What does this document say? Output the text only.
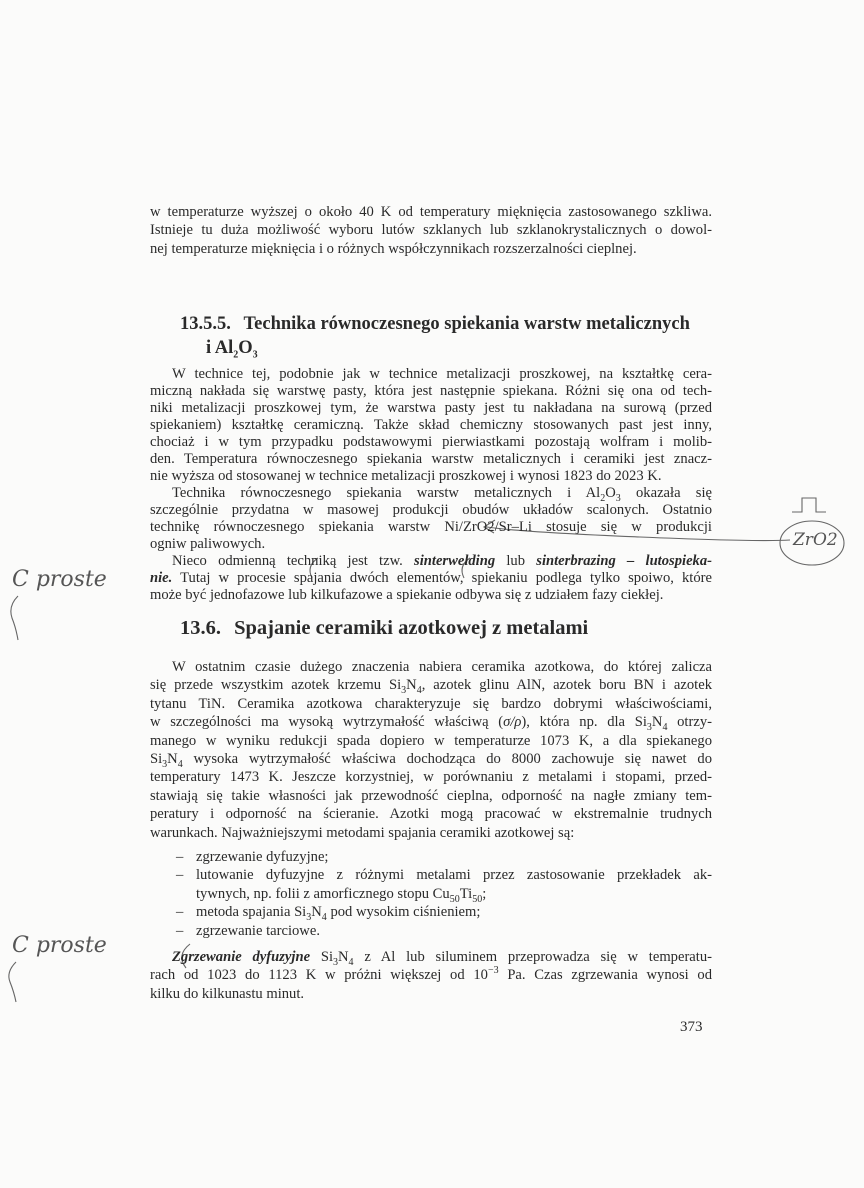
C proste
C proste
ZrO2
w temperaturze wyższej o około 40 K od temperatury mięknięcia zastosowanego szkliwa.
Istnieje tu duża możliwość wyboru lutów szklanych lub szklanokrystalicznych o dowol-
nej temperaturze mięknięcia i o różnych współczynnikach rozszerzalności cieplnej.
13.5.5. Technika równoczesnego spiekania warstw metalicznych
i $Al_2O_3$
W technice tej, podobnie jak w technice metalizacji proszkowej, na kształtkę cera-
miczną nakłada się warstwę pasty, która jest następnie spiekana. Różni się ona od tech-
niki metalizacji proszkowej tym, że warstwa pasty jest tu nakładana na surową (przed
spiekaniem) kształtkę ceramiczną. Także skład chemiczny stosowanych past jest inny,
chociaż i w tym przypadku podstawowymi pierwiastkami pozostają wolfram i molib-
den. Temperatura równoczesnego spiekania warstw metalicznych i ceramiki jest znacz-
nie wyższa od stosowanej w technice metalizacji proszkowej i wynosi 1823 do 2023 K.
Technika równoczesnego spiekania warstw metalicznych i $Al_2O_3$ okazała się
szczególnie przydatna w masowej produkcji obudów układów scalonych. Ostatnio
technikę równoczesnego spiekania warstw Ni/ZrO2/Sr–Li stosuje się w produkcji
ogniw paliwowych.
Nieco odmienną techniką jest tzw. sinterwelding lub sinterbrazing – lutospieka-
nie. Tutaj w procesie spajania dwóch elementów, spiekaniu podlega tylko spoiwo, które
może być jednofazowe lub kilkufazowe a spiekanie odbywa się z udziałem fazy ciekłej.
13.6. Spajanie ceramiki azotkowej z metalami
W ostatnim czasie dużego znaczenia nabiera ceramika azotkowa, do której zalicza
się przede wszystkim azotek krzemu $Si_3N_4$, azotek glinu AlN, azotek boru BN i azotek
tytanu TiN. Ceramika azotkowa charakteryzuje się bardzo dobrymi właściwościami,
w szczególności ma wysoką wytrzymałość właściwą (σ/ρ), która np. dla $Si_3N_4$ otrzy-
manego w wyniku redukcji spada dopiero w temperaturze 1073 K, a dla spiekanego
$Si_3N_4$ wysoka wytrzymałość właściwa dochodząca do 8000 zachowuje się nawet do
temperatury 1473 K. Jeszcze korzystniej, w porównaniu z metalami i stopami, przed-
stawiają się takie własności jak przewodność cieplna, odporność na nagłe zmiany tem-
peratury i odporność na ścieranie. Azotki mogą pracować w ekstremalnie trudnych
warunkach. Najważniejszymi metodami spajania ceramiki azotkowej są:
– zgrzewanie dyfuzyjne;
– lutowanie dyfuzyjne z różnymi metalami przez zastosowanie przekładek ak-
tywnych, np. folii z amorficznego stopu $Cu_{50}Ti_{50}$;
– metoda spajania $Si_3N_4$ pod wysokim ciśnieniem;
– zgrzewanie tarciowe.
Zgrzewanie dyfuzyjne $Si_3N_4$ z Al lub siluminem przeprowadza się w temperatu-
rach od 1023 do 1123 K w próżni większej od $10^{-3}$ Pa. Czas zgrzewania wynosi od
kilku do kilkunastu minut.
373
